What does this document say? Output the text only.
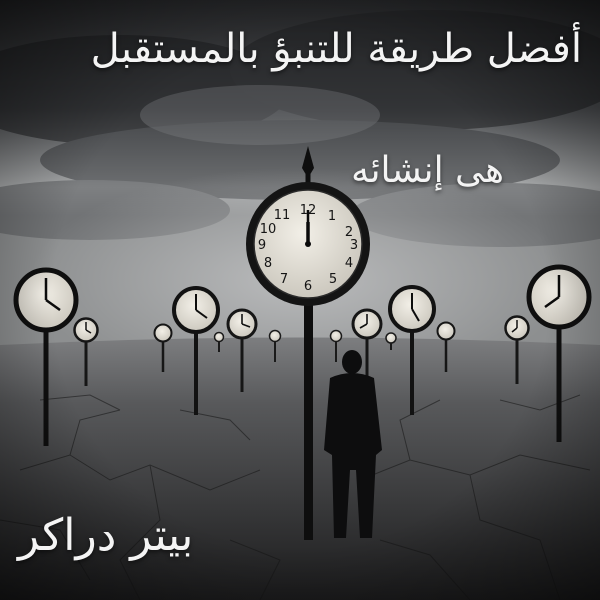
أفضل طريقة للتنبؤ بالمستقبل
هى إنشائه
بيتر دراكر
